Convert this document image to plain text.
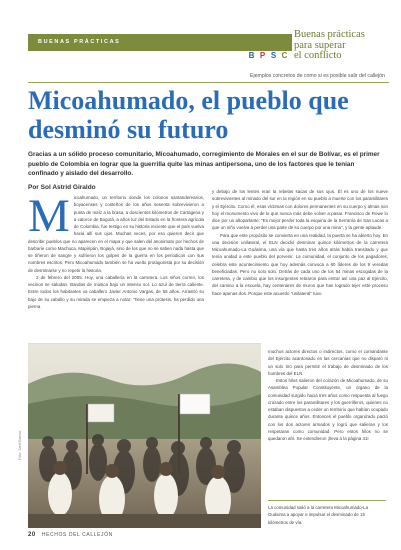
BUENAS PRÁCTICAS
Buenas prácticas
para superar
el conflicto
B P S C
Ejemplos concretos de como si es posible salir del callejón
Micoahumado, el pueblo que desminó su futuro

Gracias a un sólido proceso comunitario, Micoahumado, corregimiento de Morales en el sur de Bolívar, es el primer pueblo de Colombia en lograr que la guerrilla quite las minas antipersona, uno de los factores que le tenían confinado y aislado del desarrollo.

Por Sol Astrid Giraldo
M icoahumado, un territorio donde los colonos santandereanos, boyacenses y costeños de los años sesenta sobrevivieron a punta de maíz a la brasa, a doscientos kilómetros de Cartagena y a catorce de Bogotá, a años luz del Estado en la frontera agrícola de Colombia, fue testigo en su historia reciente que el país vuelva hacia allí sus ojos. Muchas veces, por eso quieren decir que describir pueblos que no aparecen en el mapa y que salen del anonimato por hechos de barbarie como Machuca, Mapiripán, Bojayá, sino de los que no se saben nada hasta que se tiñeron de sangre y sufrieron los golpes de la guerra en los periodicos con sus nombres escritos. Pero Micoahumado también se ha vuelto protagonista por su decisión de desminarse y no repetir la historia.

2 de febrero del 2005. Hoy, una caballería en la carretera. Los niños corren, los vecinos se saludan. Bandas de música bajo un intenso sol. Lo azul de tierra caliente. Entre todos los habitantes va caballero Javier Antonio Vargas, de 55 años. Arrastró su bajo de su caballo y su mirada se empieza a notar: 'Tiene una prótesis, ha perdido una pierna

y debajo de los lentes eran la rebelas sacas de sus ojos. Él es uno de los nueve sobrevivientes al minado del sur en la región en su pueblo a muerte con los paramilitares y el Ejército. Como él, esas víctimas con dolores permanentes en su cuerpo y almas son hoy el monumento vivo de lo que nunca más debe volver a pasar. Francisco de Rowe lo dice por un altoparlante: "Es mejor perder toda la esquina de la Serranía de San Lucas a que un niño vuelva a perder una parte de su cuerpo por una mina", y la gente aplaude.

Para que este propósito se convierta en una realidad, la puerta se ha abierto hoy. En una decisión unilateral, el ELN decidió desminar quince kilómetros de la carretera Micoahumado-La Guásima, una vía que hasta tres años atrás había transitado y que tenía unidad a este pueblo del porvenir. La comunidad, el conjunto de los pagadores, celebra este acontecimiento que hoy además convoca a 60 líderes de los 9 veredas beneficiadas. Pero no solo solo. Detrás de cada uno de los 54 minas escogidas de la carretera, y de cambio que los insurgentes retiraron para entrar así una paz al Ejército, del camino a la escuela, hay centenares de muros que han logrado tejer este proceso hace apenas dos. Porque este acuerdo "unilateral" tuvo

Foto: Santi Blanco

muchos actores directos o indirectos, como el comandante del Ejército acantonado en las cercanías que no disparó ni un solo tiro para permitir el trabajo de desminado de los hombres del ELN.

Estos hilos salieron del corazón de Micoahumado, de su Asamblea Popular Constituyente, un órgano de la comunidad surgido hacia tres años como respuesta al fuego cruzado entre los paramilitares y los guerrilleros, quienes no estaban dispuestos a ceder un territorio que habían ocupado durante quince años. Entonces el pueblo organizado pactó con los dos actores armados y logró que salieran y los respetaran como comunidad. Pero estos hilos no se quedaron ahí. Se extendieron ¡lleva a la página 41!

La comunidad salió a la carretera Micoahumado-La Guásima a apoyar e impulsar el desminado de 15 kilómetros de vía.
20 HECHOS DEL CALLEJÓN
